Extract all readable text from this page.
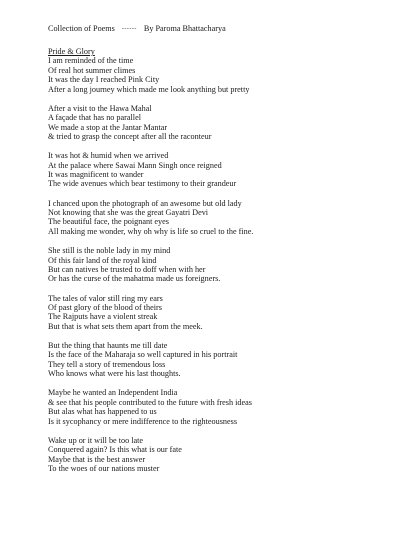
Collection of Poems ------ By Paroma Bhattacharya
Pride & Glory
I am reminded of the time
Of real hot summer climes
It was the day I reached Pink City
After a long journey which made me look anything but pretty
After a visit to the Hawa Mahal
A façade that has no parallel
We made a stop at the Jantar Mantar
& tried to grasp the concept after all the raconteur
It was hot & humid when we arrived
At the palace where Sawai Mann Singh once reigned
It was magnificent to wander
The wide avenues which bear testimony to their grandeur
I chanced upon the photograph of an awesome but old lady
Not knowing that she was the great Gayatri Devi
The beautiful face, the poignant eyes
All making me wonder, why oh why is life so cruel to the fine.
She still is the noble lady in my mind
Of this fair land of the royal kind
But can natives be trusted to doff when with her
Or has the curse of the mahatma made us foreigners.
The tales of valor still ring my ears
Of past glory of the blood of theirs
The Rajputs have a violent streak
But that is what sets them apart from the meek.
But the thing that haunts me till date
Is the face of the Maharaja so well captured in his portrait
They tell a story of tremendous loss
Who knows what were his last thoughts.
Maybe he wanted an Independent India
& see that his people contributed to the future with fresh ideas
But alas what has happened to us
Is it sycophancy or mere indifference to the righteousness
Wake up or it will be too late
Conquered again? Is this what is our fate
Maybe that is the best answer
To the woes of our nations muster
